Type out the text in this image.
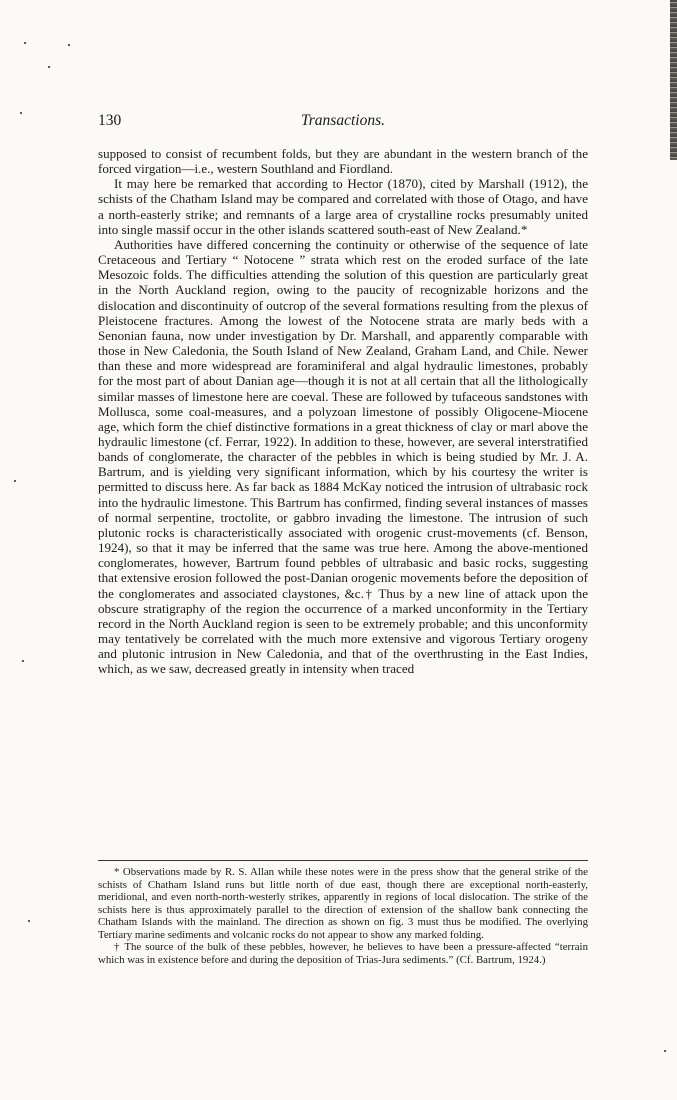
130	Transactions.

supposed to consist of recumbent folds, but they are abundant in the western branch of the forced virgation—i.e., western Southland and Fiordland.

It may here be remarked that according to Hector (1870), cited by Marshall (1912), the schists of the Chatham Island may be compared and correlated with those of Otago, and have a north-easterly strike; and remnants of a large area of crystalline rocks presumably united into single massif occur in the other islands scattered south-east of New Zealand.*

Authorities have differed concerning the continuity or otherwise of the sequence of late Cretaceous and Tertiary “ Notocene ” strata which rest on the eroded surface of the late Mesozoic folds. The difficulties attending the solution of this question are particularly great in the North Auckland region, owing to the paucity of recognizable horizons and the dislocation and discontinuity of outcrop of the several formations resulting from the plexus of Pleistocene fractures. Among the lowest of the Notocene strata are marly beds with a Senonian fauna, now under investigation by Dr. Marshall, and apparently comparable with those in New Caledonia, the South Island of New Zealand, Graham Land, and Chile. Newer than these and more widespread are foraminiferal and algal hydraulic limestones, probably for the most part of about Danian age—though it is not at all certain that all the lithologically similar masses of limestone here are coeval. These are followed by tufaceous sandstones with Mollusca, some coal-measures, and a polyzoan limestone of possibly Oligocene-Miocene age, which form the chief distinctive formations in a great thickness of clay or marl above the hydraulic limestone (cf. Ferrar, 1922). In addition to these, however, are several interstratified bands of conglomerate, the character of the pebbles in which is being studied by Mr. J. A. Bartrum, and is yielding very significant information, which by his courtesy the writer is permitted to discuss here. As far back as 1884 McKay noticed the intrusion of ultrabasic rock into the hydraulic limestone. This Bartrum has confirmed, finding several instances of masses of normal serpentine, troctolite, or gabbro invading the limestone. The intrusion of such plutonic rocks is characteristically associated with orogenic crust-movements (cf. Benson, 1924), so that it may be inferred that the same was true here. Among the above-mentioned conglomerates, however, Bartrum found pebbles of ultrabasic and basic rocks, suggesting that extensive erosion followed the post-Danian orogenic movements before the deposition of the conglomerates and associated claystones, &c.† Thus by a new line of attack upon the obscure stratigraphy of the region the occurrence of a marked unconformity in the Tertiary record in the North Auckland region is seen to be extremely probable; and this unconformity may tentatively be correlated with the much more extensive and vigorous Tertiary orogeny and plutonic intrusion in New Caledonia, and that of the overthrusting in the East Indies, which, as we saw, decreased greatly in intensity when traced

* Observations made by R. S. Allan while these notes were in the press show that the general strike of the schists of Chatham Island runs but little north of due east, though there are exceptional north-easterly, meridional, and even north-north-westerly strikes, apparently in regions of local dislocation. The strike of the schists here is thus approximately parallel to the direction of extension of the shallow bank connecting the Chatham Islands with the mainland. The direction as shown on fig. 3 must thus be modified. The overlying Tertiary marine sediments and volcanic rocks do not appear to show any marked folding.

† The source of the bulk of these pebbles, however, he believes to have been a pressure-affected “terrain which was in existence before and during the deposition of Trias-Jura sediments.” (Cf. Bartrum, 1924.)
